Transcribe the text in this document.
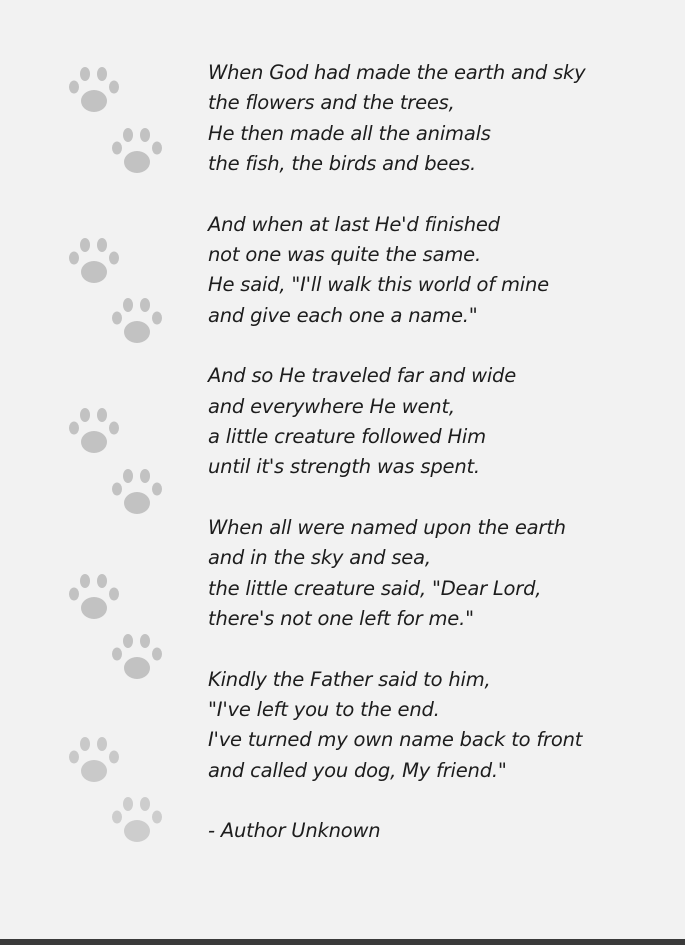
When God had made the earth and sky
the flowers and the trees,
He then made all the animals
the fish, the birds and bees.
And when at last He'd finished
not one was quite the same.
He said, "I'll walk this world of mine
and give each one a name."
And so He traveled far and wide
and everywhere He went,
a little creature followed Him
until it's strength was spent.
When all were named upon the earth
and in the sky and sea,
the little creature said, "Dear Lord,
there's not one left for me."
Kindly the Father said to him,
"I've left you to the end.
I've turned my own name back to front
and called you dog, My friend."
- Author Unknown
